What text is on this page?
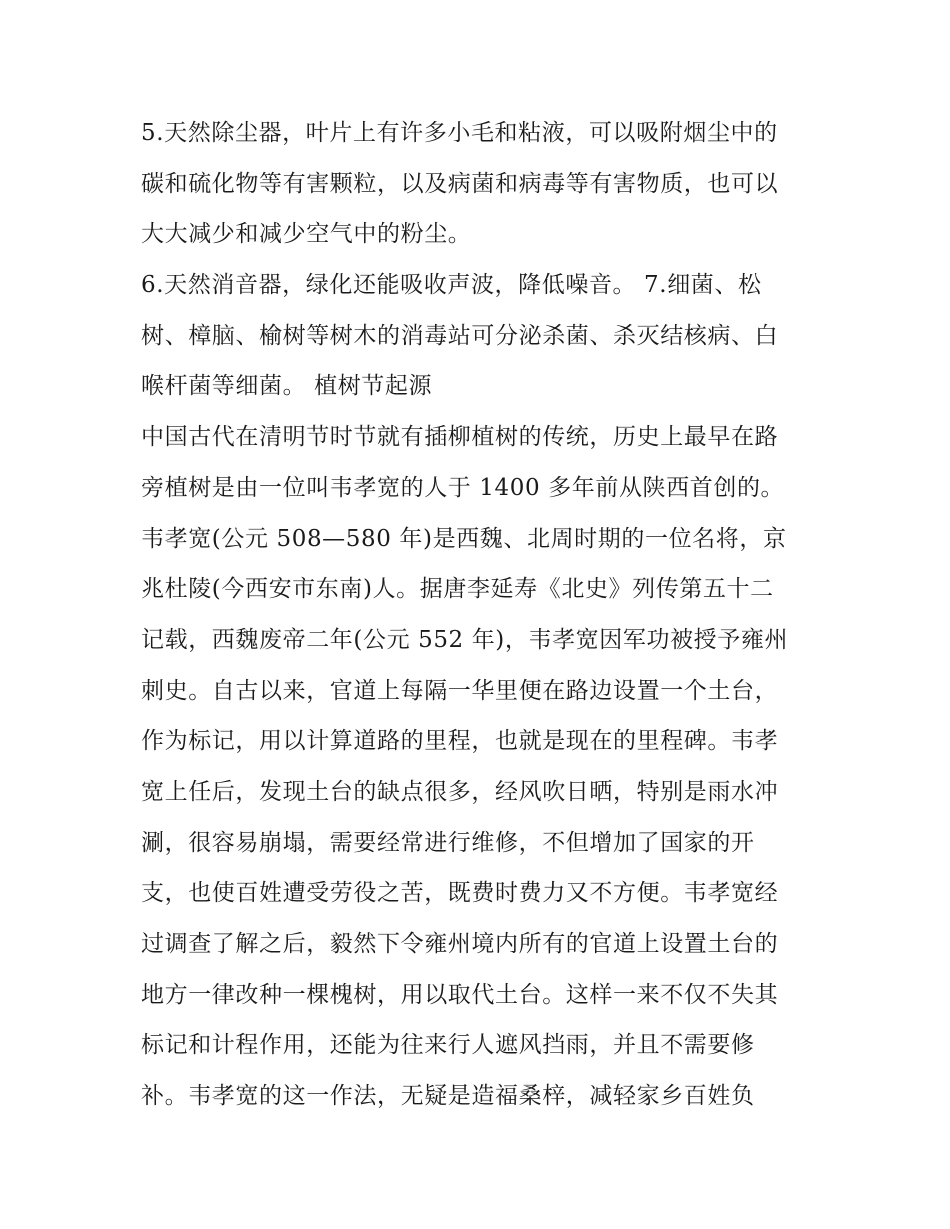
5.天然除尘器，叶片上有许多小毛和粘液，可以吸附烟尘中的
碳和硫化物等有害颗粒，以及病菌和病毒等有害物质，也可以
大大减少和减少空气中的粉尘。
6.天然消音器，绿化还能吸收声波，降低噪音。 7.细菌、松
树、樟脑、榆树等树木的消毒站可分泌杀菌、杀灭结核病、白
喉杆菌等细菌。 植树节起源
中国古代在清明节时节就有插柳植树的传统，历史上最早在路
旁植树是由一位叫韦孝宽的人于 1400 多年前从陕西首创的。
韦孝宽(公元 508—580 年)是西魏、北周时期的一位名将，京
兆杜陵(今西安市东南)人。据唐李延寿《北史》列传第五十二
记载，西魏废帝二年(公元 552 年)，韦孝宽因军功被授予雍州
刺史。自古以来，官道上每隔一华里便在路边设置一个土台，
作为标记，用以计算道路的里程，也就是现在的里程碑。韦孝
宽上任后，发现土台的缺点很多，经风吹日晒，特别是雨水冲
涮，很容易崩塌，需要经常进行维修，不但增加了国家的开
支，也使百姓遭受劳役之苦，既费时费力又不方便。韦孝宽经
过调查了解之后，毅然下令雍州境内所有的官道上设置土台的
地方一律改种一棵槐树，用以取代土台。这样一来不仅不失其
标记和计程作用，还能为往来行人遮风挡雨，并且不需要修
补。韦孝宽的这一作法，无疑是造福桑梓，减轻家乡百姓负
